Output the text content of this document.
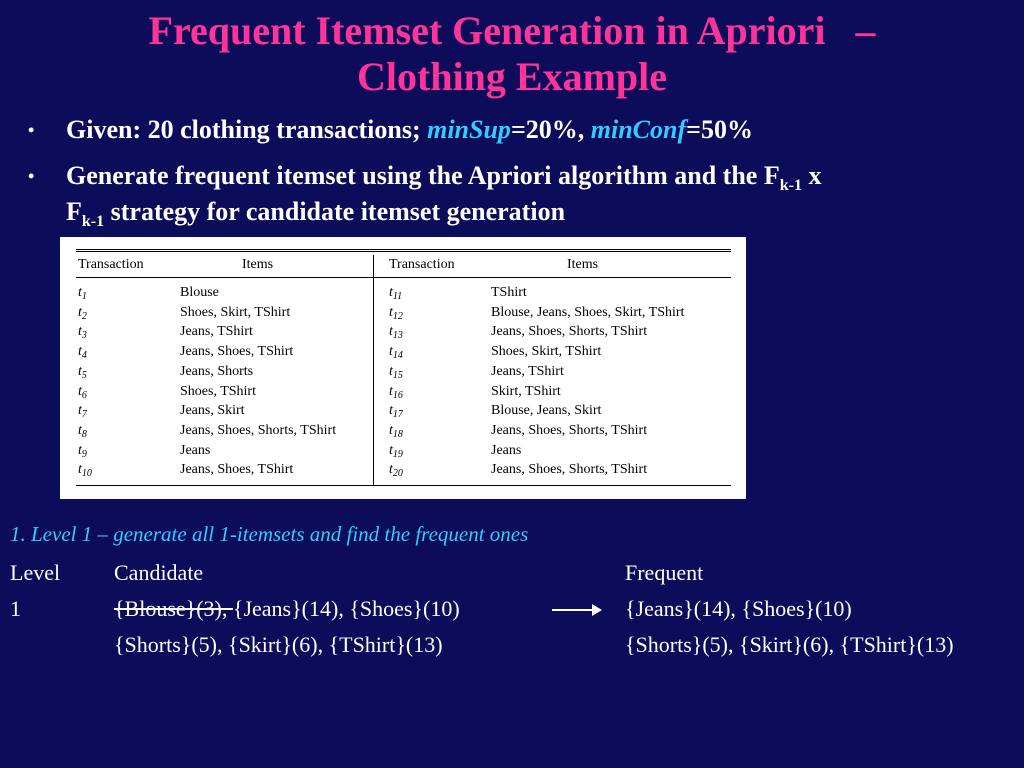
Frequent Itemset Generation in Apriori   –
Clothing Example
• Given: 20 clothing transactions; minSup=20%, minConf=50%
• Generate frequent itemset using the Apriori algorithm and the $F_{k-1}$ x
$F_{k-1}$ strategy for candidate itemset generation
Transaction	Items	Transaction	Items
$t_1$	Blouse
$t_2$	Shoes, Skirt, TShirt
$t_3$	Jeans, TShirt
$t_4$	Jeans, Shoes, TShirt
$t_5$	Jeans, Shorts
$t_6$	Shoes, TShirt
$t_7$	Jeans, Skirt
$t_8$	Jeans, Shoes, Shorts, TShirt
$t_9$	Jeans
$t_{10}$	Jeans, Shoes, TShirt
$t_{11}$	TShirt
$t_{12}$	Blouse, Jeans, Shoes, Skirt, TShirt
$t_{13}$	Jeans, Shoes, Shorts, TShirt
$t_{14}$	Shoes, Skirt, TShirt
$t_{15}$	Jeans, TShirt
$t_{16}$	Skirt, TShirt
$t_{17}$	Blouse, Jeans, Skirt
$t_{18}$	Jeans, Shoes, Shorts, TShirt
$t_{19}$	Jeans
$t_{20}$	Jeans, Shoes, Shorts, TShirt
1. Level 1 – generate all 1-itemsets and find the frequent ones
Level Candidate	Frequent
1	{Blouse}(3), {Jeans}(14), {Shoes}(10)	{Jeans}(14), {Shoes}(10)
{Shorts}(5), {Skirt}(6), {TShirt}(13)	{Shorts}(5), {Skirt}(6), {TShirt}(13)
